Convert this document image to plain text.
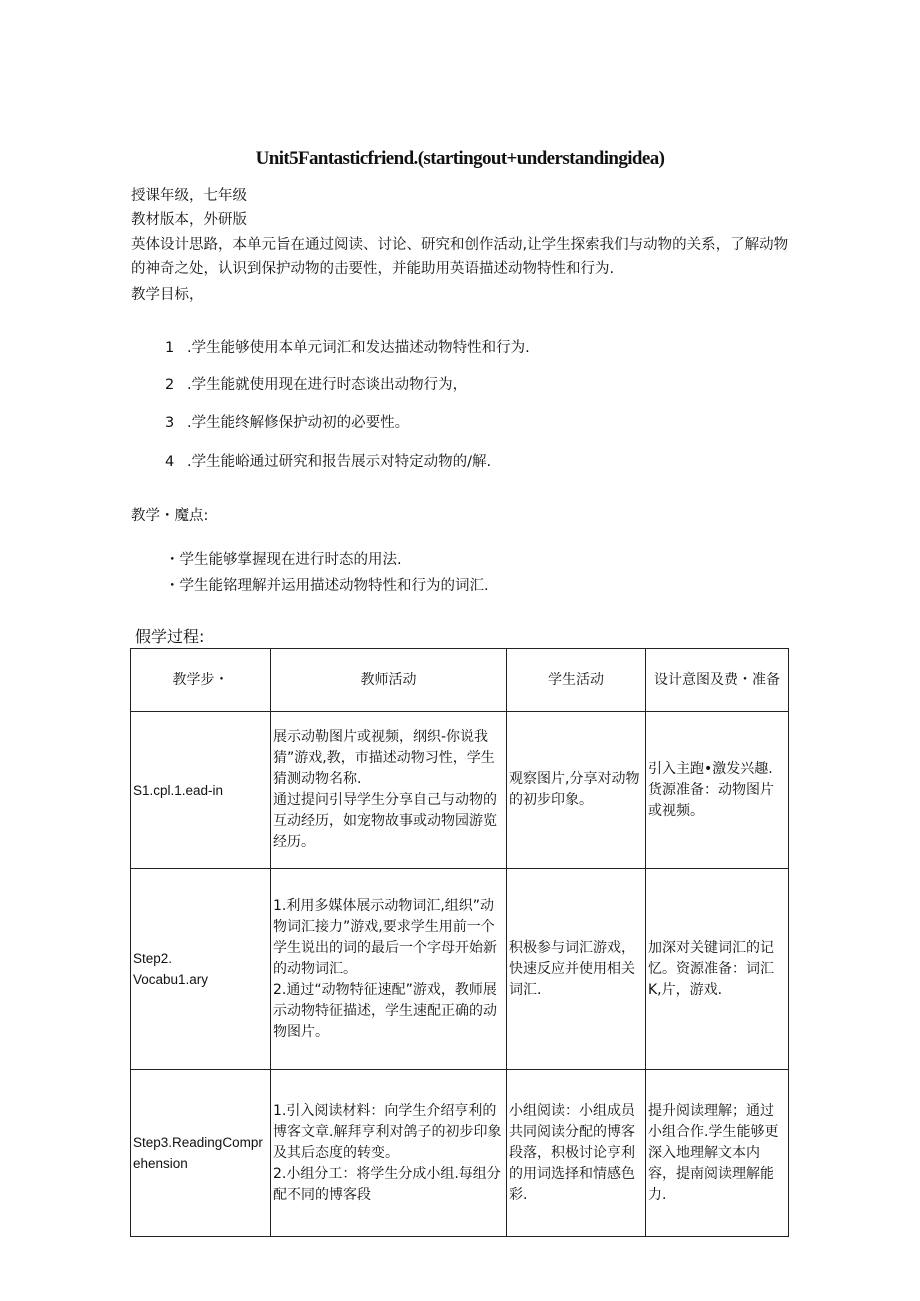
Unit5Fantasticfriend.(startingout+understandingidea)
授课年级，七年级
教材版本，外研版
英体设计思路，本单元旨在通过阅读、讨论、研究和创作活动,让学生探索我们与动物的关系，了解动物的神奇之处，认识到保护动物的击要性，并能助用英语描述动物特性和行为.
教学目标，
1 .学生能够使用本单元词汇和发达描述动物特性和行为.
2 .学生能就使用现在进行时态谈出动物行为，
3 .学生能终解修保护动初的必要性。
4 .学生能峪通过研究和报告展示对特定动物的/解.
教学・魔点:
・学生能够掌握现在进行时态的用法.
・学生能铭理解并运用描述动物特性和行为的词汇.
假学过程:
教学步・	教师活动	学生活动	设计意图及费・准备
S1.cpl.1.ead-in	展示动勒图片或视频，纲织-你说我猜”游戏,教，市描述动物习性，学生猜测动物名称.
通过提问引导学生分享自己与动物的互动经历，如宠物故事或动物园游览经历。	观察图片,分享对动物的初步印象。	引入主跑•激发兴趣.货源准备：动物图片或视频。
Step2.
Vocabu1.ary	1.利用多媒体展示动物词汇,组织”动物词汇接力”游戏,要求学生用前一个学生说出的词的最后一个字母开始新的动物词汇。
2.通过“动物特征速配”游戏，教师展示动物特征描述，学生速配正确的动物图片。	积极参与词汇游戏，快速反应并使用相关词汇.	加深对关键词汇的记忆。资源准备：词汇K,片，游戏.
Step3.ReadingComprehension	1.引入阅读材料：向学生介绍亨利的博客文章.解拜亨利对鸽子的初步印象及其后态度的转变。
2.小组分工：将学生分成小组.每组分配不同的博客段	小组阅读：小组成员共同阅读分配的博客段落，积极讨论亨利的用词选择和情感色彩.	提升阅读理解；通过小组合作.学生能够更深入地理解文本内容，提南阅读理解能力.
